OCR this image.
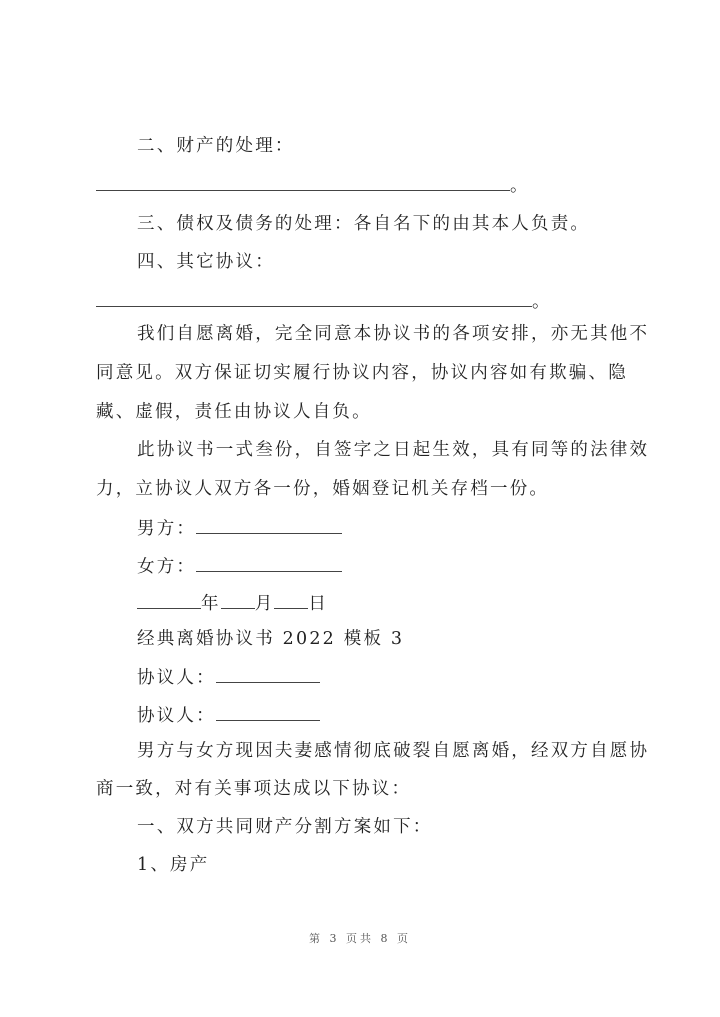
二、财产的处理：
。
三、债权及债务的处理：各自名下的由其本人负责。
四、其它协议：
。
我们自愿离婚，完全同意本协议书的各项安排，亦无其他不
同意见。双方保证切实履行协议内容，协议内容如有欺骗、隐
藏、虚假，责任由协议人自负。
此协议书一式叁份，自签字之日起生效，具有同等的法律效
力，立协议人双方各一份，婚姻登记机关存档一份。
男方：
女方：
年 月 日
经典离婚协议书 2022 模板 3
协议人：
协议人：
男方与女方现因夫妻感情彻底破裂自愿离婚，经双方自愿协
商一致，对有关事项达成以下协议：
一、双方共同财产分割方案如下：
1、房产
第 3 页共 8 页
